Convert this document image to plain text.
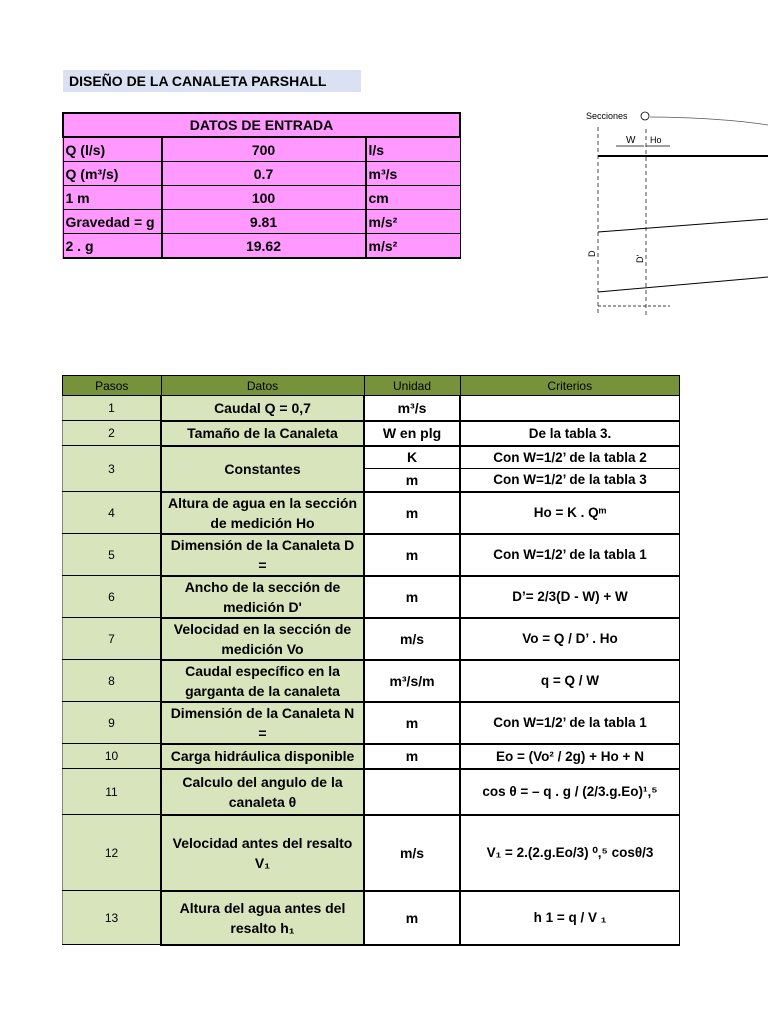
DISEÑO DE LA CANALETA PARSHALL
DATOS DE ENTRADA		
Q (l/s)	700	l/s
Q (m³/s)	0.7	m³/s
1 m	100	cm
Gravedad = g	9.81	m/s²
2 . g	19.62	m/s²
Secciones
W Ho
D
D'
Pasos	Datos	Unidad	Criterios
1	Caudal Q = 0,7	m³/s	
2	Tamaño de la Canaleta	W en plg	De la tabla 3.
3	Constantes	K	Con W=1/2’ de la tabla 2
		m	Con W=1/2’ de la tabla 3
4	Altura de agua en la sección de medición Ho	m	Ho = K . Qᵐ
5	Dimensión de la Canaleta D =	m	Con W=1/2’ de la tabla 1
6	Ancho de la sección de medición D'	m	D’= 2/3(D - W) + W
7	Velocidad en la sección de medición Vo	m/s	Vo = Q / D’ . Ho
8	Caudal específico en la garganta de la canaleta	m³/s/m	q = Q / W
9	Dimensión de la Canaleta N =	m	Con W=1/2’ de la tabla 1
10	Carga hidráulica disponible	m	Eo = (Vo² / 2g) + Ho + N
11	Calculo del angulo de la canaleta θ		cos θ = – q . g / (2/3.g.Eo)¹‚⁵
12	Velocidad antes del resalto V₁	m/s	V₁ = 2.(2.g.Eo/3) ⁰‚⁵ cosθ/3
13	Altura del agua antes del resalto h₁	m	h 1 = q / V ₁
